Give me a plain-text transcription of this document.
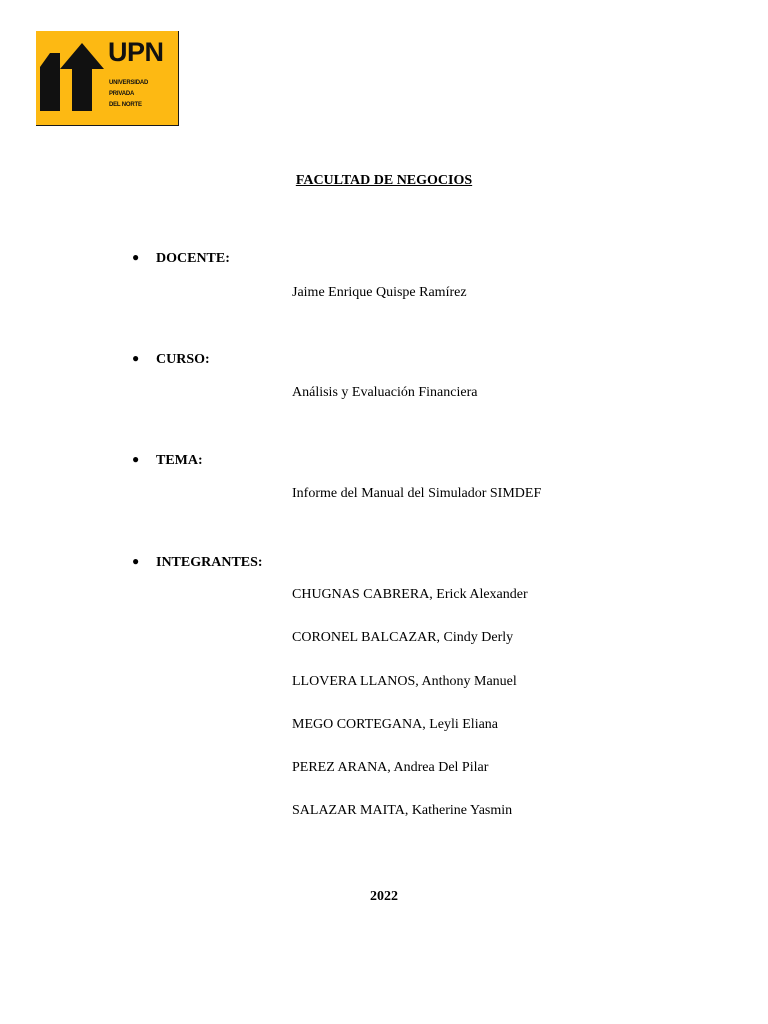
UPN
UNIVERSIDAD
PRIVADA
DEL NORTE
FACULTAD DE NEGOCIOS
● DOCENTE:
Jaime Enrique Quispe Ramírez
● CURSO:
Análisis y Evaluación Financiera
● TEMA:
Informe del Manual del Simulador SIMDEF
● INTEGRANTES:
CHUGNAS CABRERA, Erick Alexander
CORONEL BALCAZAR, Cindy Derly
LLOVERA LLANOS, Anthony Manuel
MEGO CORTEGANA, Leyli Eliana
PEREZ ARANA, Andrea Del Pilar
SALAZAR MAITA, Katherine Yasmin
2022
